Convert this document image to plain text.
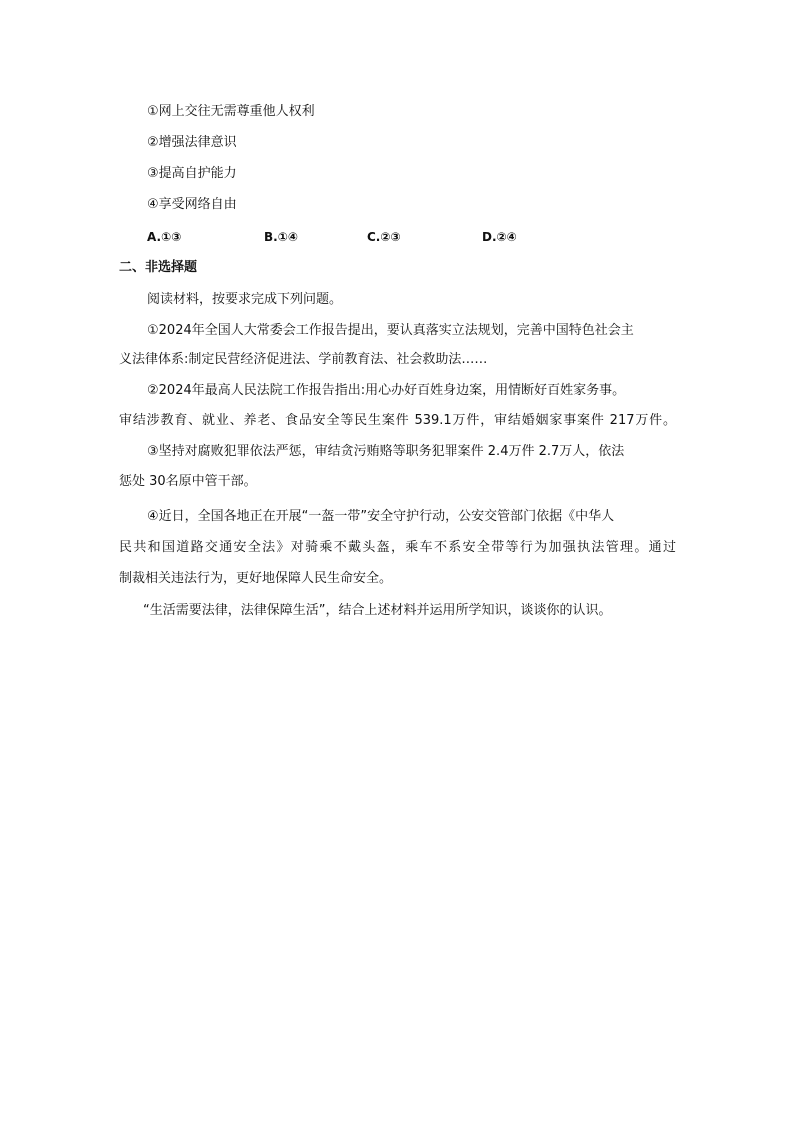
①网上交往无需尊重他人权利
②增强法律意识
③提高自护能力
④享受网络自由
A.①③	B.①④	C.②③	D.②④
二、非选择题
阅读材料，按要求完成下列问题。
①2024年全国人大常委会工作报告提出，要认真落实立法规划，完善中国特色社会主
义法律体系:制定民营经济促进法、学前教育法、社会救助法……
②2024年最高人民法院工作报告指出:用心办好百姓身边案，用情断好百姓家务事。
审结涉教育、就业、养老、食品安全等民生案件 539.1万件，审结婚姻家事案件 217万件。
③坚持对腐败犯罪依法严惩，审结贪污贿赂等职务犯罪案件 2.4万件 2.7万人，依法
惩处 30名原中管干部。
④近日，全国各地正在开展“一盔一带”安全守护行动，公安交管部门依据《中华人
民共和国道路交通安全法》对骑乘不戴头盔，乘车不系安全带等行为加强执法管理。通过
制裁相关违法行为，更好地保障人民生命安全。
“生活需要法律，法律保障生活”，结合上述材料并运用所学知识，谈谈你的认识。
